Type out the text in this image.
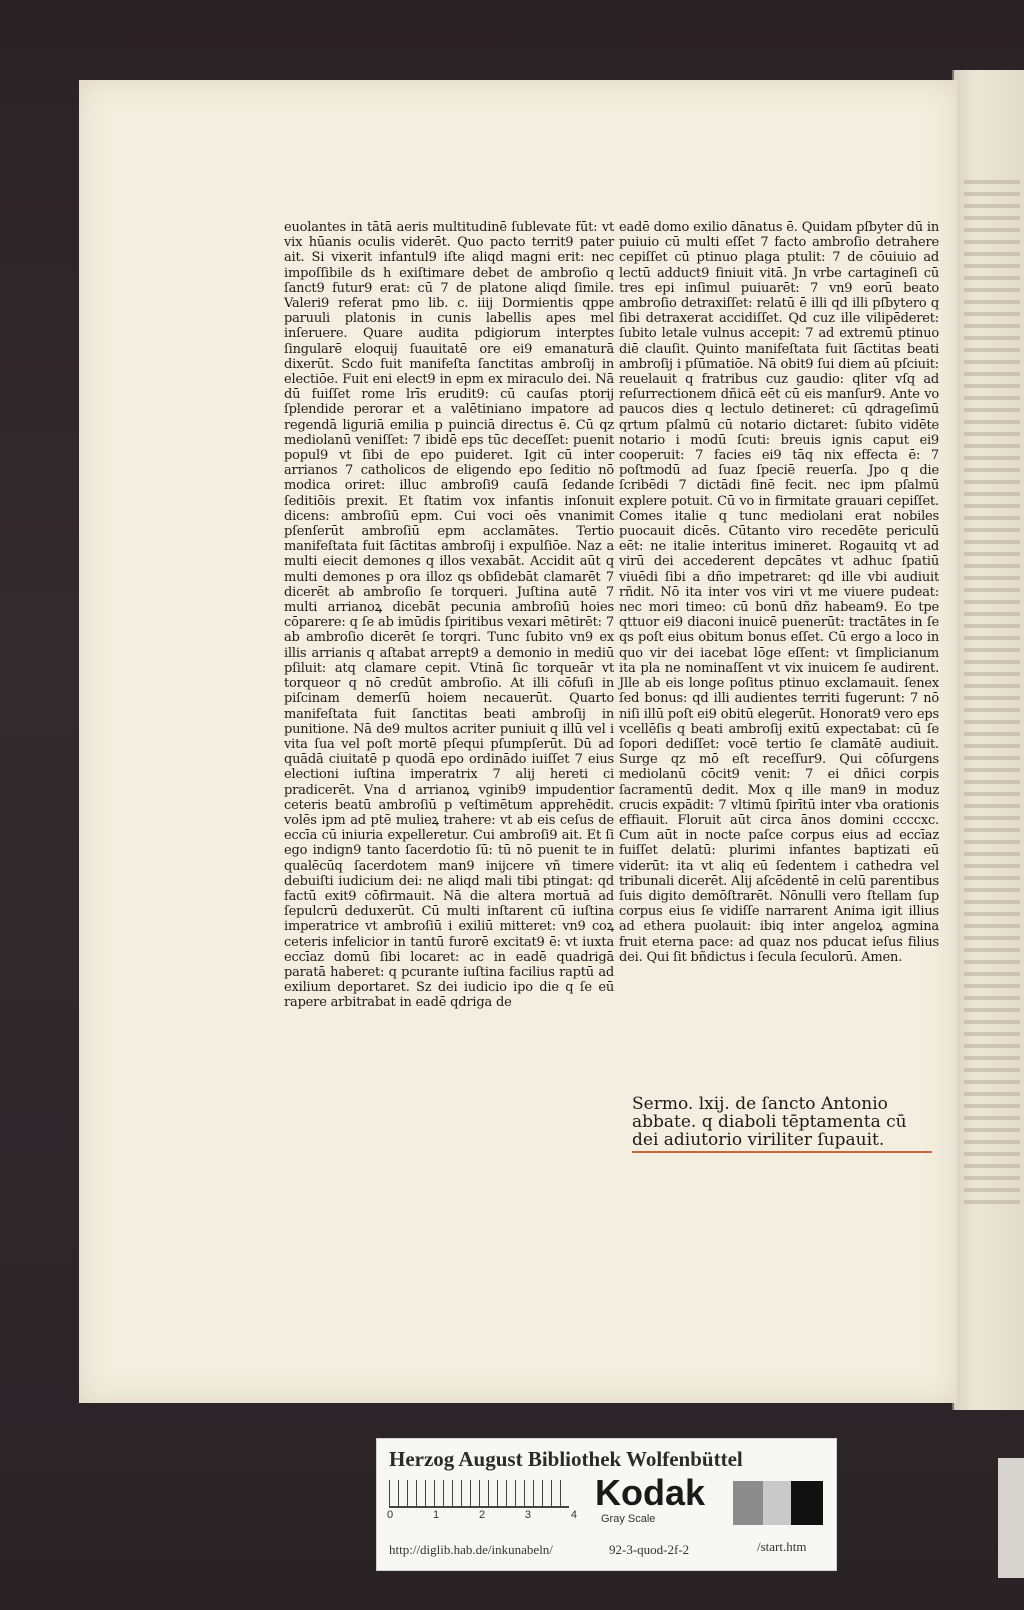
euolantes in tātā aeris multitudinē ſublevate fūt: vt vix hūanis oculis viderēt. Quo pacto territ9 pater ait. Si vixerit infantul9 iſte aliqd magni erit: nec impoſſibile ds h exiſtimare debet de ambroſio q ſanct9 futur9 erat: cū 7 de platone aliqd ſimile. Valeri9 referat pmo lib. c. iiij Dormientis qppe paruuli platonis in cunis labellis apes mel inſeruere. Quare audita pdigiorum interptes ſingularē eloquij ſuauitatē ore ei9 emanaturā dixerūt. Scdo fuit manifeſta ſanctitas ambroſij in electiōe. Fuit eni elect9 in epm ex miraculo dei. Nā dū fuiſſet rome lrīs erudit9: cū cauſas ptorij ſplendide perorar et a valētiniano impatore ad regendā liguriā emilia p puinciā directus ē. Cū qz mediolanū veniſſet: 7 ibidē eps tūc deceſſet: puenit popul9 vt ſibi de epo puideret. Igit cū inter arrianos 7 catholicos de eligendo epo ſeditio nō modica oriret: illuc ambroſi9 cauſā ſedande ſeditiōis prexit. Et ſtatim vox infantis inſonuit dicens: ambroſiū epm. Cui voci oēs vnanimit pſenſerūt ambroſiū epm acclamātes. Tertio manifeſtata fuit ſāctitas ambroſij i expulſiōe. Naz a multi eiecit demones q illos vexabāt. Accidit aūt q multi demones p ora illoz qs obſidebāt clamarēt 7 dicerēt ab ambroſio ſe torqueri. Juſtina autē 7 multi arrianoꝝ dicebāt pecunia ambroſiū hoies cōparere: q ſe ab imūdis ſpiritibus vexari mētirēt: 7 ab ambroſio dicerēt ſe torqri. Tunc ſubito vn9 ex illis arrianis q aſtabat arrept9 a demonio in mediū pſiluit: atq clamare cepit. Vtinā ſic torqueār vt torqueor q nō credūt ambroſio. At illi cōfuſi in piſcinam demerſū hoiem necauerūt. Quarto manifeſtata fuit ſanctitas beati ambroſij in punitione. Nā de9 multos acriter puniuit q illū vel i vita ſua vel poſt mortē pſequi pſumpſerūt. Dū ad quādā ciuitatē p quodā epo ordinādo iuiſſet 7 eius electioni iuſtina imperatrix 7 alij hereti ci pradicerēt. Vna d arrianoꝝ vginib9 impudentior ceteris beatū ambroſiū p veſtimētum apprehēdit. volēs ipm ad ptē mulieꝝ trahere: vt ab eis ceſus de eccīa cū iniuria expelleretur. Cui ambroſi9 ait. Et ſi ego indign9 tanto ſacerdotio ſū: tū nō puenit te in qualēcūq ſacerdotem man9 inijcere vñ timere debuiſti iudicium dei: ne aliqd mali tibi ptingat: qd factū exit9 cōfirmauit. Nā die altera mortuā ad ſepulcrū deduxerūt. Cū multi inſtarent cū iuſtina imperatrice vt ambroſiū i exiliū mitteret: vn9 coꝝ ceteris infelicior in tantū furorē excitat9 ē: vt iuxta eccīaz domū ſibi locaret: ac in eadē quadrigā paratā haberet: q pcurante iuſtina facilius raptū ad exilium deportaret. Sz dei iudicio ipo die q ſe eū rapere arbitrabat in eadē qdriga de

eadē domo exilio dānatus ē. Quidam pſbyter dū in puiuio cū multi eſſet 7 facto ambroſio detrahere cepiſſet cū ptinuo plaga ptulit: 7 de cōuiuio ad lectū adduct9 finiuit vitā. Jn vrbe cartagineſi cū tres epi inſimul puiuarēt: 7 vn9 eorū beato ambroſio detraxiſſet: relatū ē illi qd illi pſbytero q ſibi detraxerat accidiſſet. Qd cuz ille vilipēderet: ſubito letale vulnus accepit: 7 ad extremū ptinuo diē clauſit. Quinto manifeſtata fuit ſāctitas beati ambroſij i pſūmatiōe. Nā obit9 ſui diem aū pſciuit: reuelauit q fratribus cuz gaudio: qliter vſq ad reſurrectionem dñicā eēt cū eis manſur9. Ante vo paucos dies q lectulo detineret: cū qdrageſimū qrtum pſalmū cū notario dictaret: ſubito vidēte notario i modū ſcuti: breuis ignis caput ei9 cooperuit: 7 facies ei9 tāq nix effecta ē: 7 poſtmodū ad ſuaz ſpeciē reuerſa. Jpo q die ſcribēdi 7 dictādi finē fecit. nec ipm pſalmū explere potuit. Cū vo in firmitate grauari cepiſſet. Comes italie q tunc mediolani erat nobiles puocauit dicēs. Cūtanto viro recedēte periculū eēt: ne italie interitus imineret. Rogauitq vt ad virū dei accederent depcātes vt adhuc ſpatiū viuēdi ſibi a dño impetraret: qd ille vbi audiuit rñdit. Nō ita inter vos viri vt me viuere pudeat: nec mori timeo: cū bonū dñz habeam9. Eo tpe qttuor ei9 diaconi inuicē puenerūt: tractātes in ſe qs poſt eius obitum bonus eſſet. Cū ergo a loco in quo vir dei iacebat lōge eſſent: vt ſimplicianum ita pla ne nominaſſent vt vix inuicem ſe audirent. Jlle ab eis longe poſitus ptinuo exclamauit. ſenex ſed bonus: qd illi audientes territi fugerunt: 7 nō niſi illū poſt ei9 obitū elegerūt. Honorat9 vero eps vcellēſis q beati ambroſij exitū expectabat: cū ſe ſopori dediſſet: vocē tertio ſe clamātē audiuit. Surge qz mō eſt receſſur9. Qui cōſurgens mediolanū cōcit9 venit: 7 ei dñici corpis ſacramentū dedit. Mox q ille man9 in moduz crucis expādit: 7 vltimū ſpirītū inter vba orationis effiauit. Floruit aūt circa ānos domini ccccxc. Cum aūt in nocte paſce corpus eius ad eccīaz fuiſſet delatū: plurimi infantes baptizati eū viderūt: ita vt aliq eū ſedentem i cathedra vel tribunali dicerēt. Alij aſcēdentē in celū parentibus ſuis digito demōſtrarēt. Nōnulli vero ſtellam ſup corpus eius ſe vidiſſe narrarent Anima igit illius ad ethera puolauit: ibiq inter angeloꝝ agmina fruit eterna pace: ad quaz nos pducat ieſus filius dei. Qui ſit bñdictus i ſecula ſeculorū. Amen.

Sermo. lxij. de ſancto Antonio abbate. q diaboli tēptamenta cū dei adiutorio viriliter ſupauit.
Herzog August Bibliothek Wolfenbüttel
0	1	2	3	4
Kodak
Gray Scale
http://diglib.hab.de/inkunabeln/	92-3-quod-2f-2	/start.htm
